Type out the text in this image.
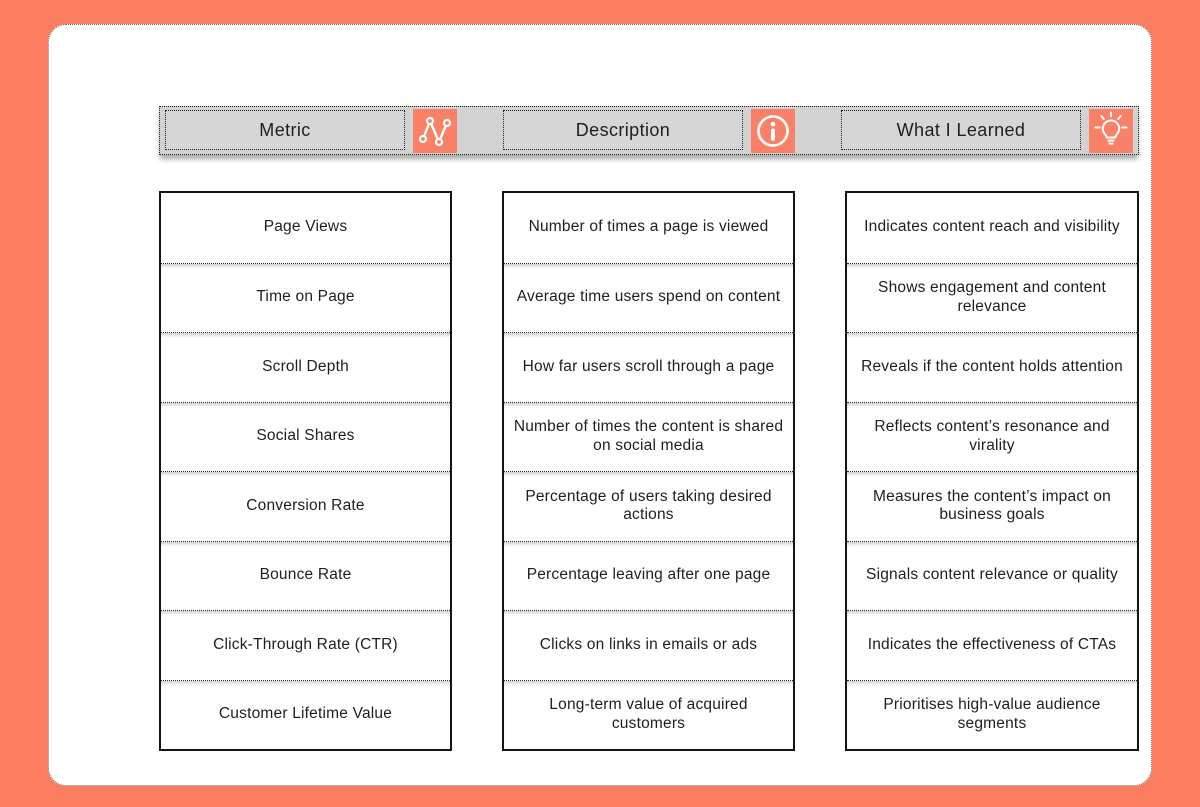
Metric	Description	What I Learned
Page Views
Time on Page
Scroll Depth
Social Shares
Conversion Rate
Bounce Rate
Click-Through Rate (CTR)
Customer Lifetime Value
Number of times a page is viewed
Average time users spend on content
How far users scroll through a page
Number of times the content is shared on social media
Percentage of users taking desired actions
Percentage leaving after one page
Clicks on links in emails or ads
Long-term value of acquired customers
Indicates content reach and visibility
Shows engagement and content relevance
Reveals if the content holds attention
Reflects content’s resonance and virality
Measures the content’s impact on business goals
Signals content relevance or quality
Indicates the effectiveness of CTAs
Prioritises high-value audience segments
